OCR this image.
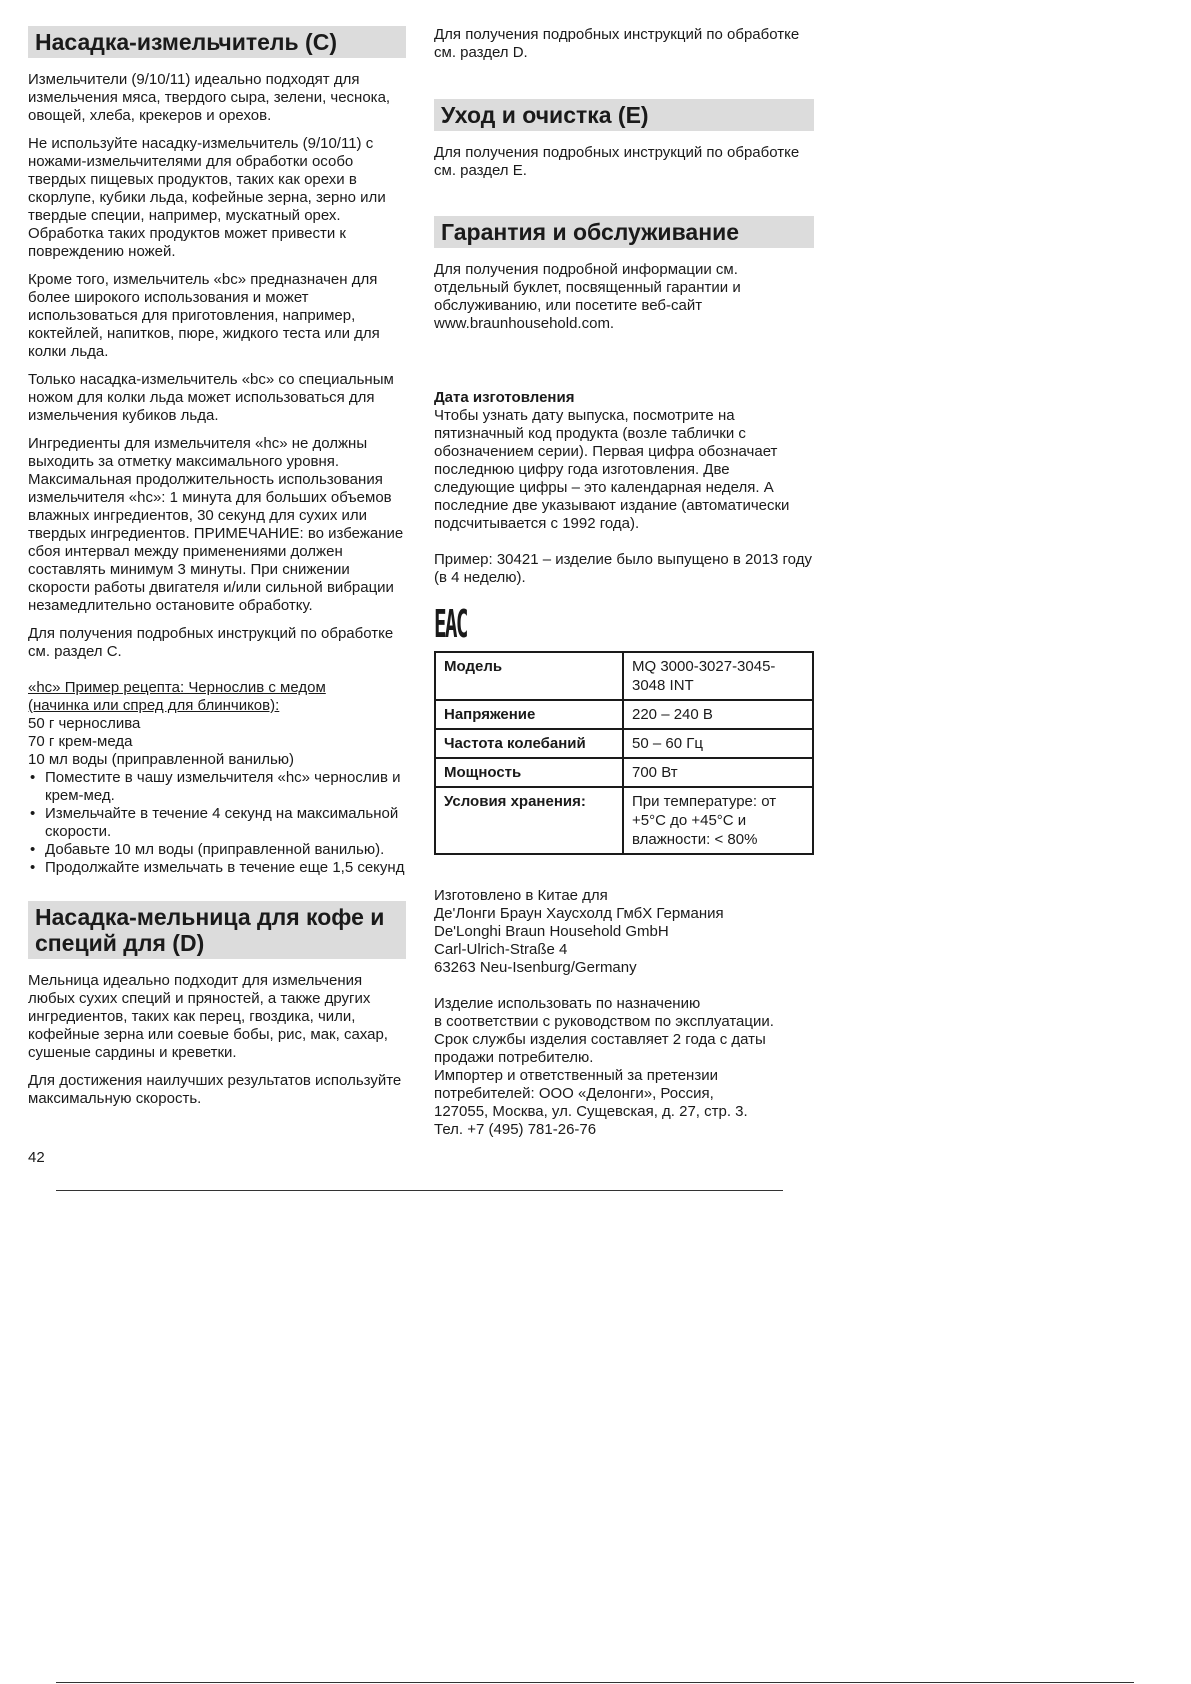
Насадка-измельчитель (С)

Измельчители (9/10/11) идеально подходят для измельчения мяса, твердого сыра, зелени, чеснока, овощей, хлеба, крекеров и орехов.

Не используйте насадку-измельчитель (9/10/11) с ножами-измельчителями для обработки особо твердых пищевых продуктов, таких как орехи в скорлупе, кубики льда, кофейные зерна, зерно или твердые специи, например, мускатный орех. Обработка таких продуктов может привести к повреждению ножей.

Кроме того, измельчитель «bc» предназначен для более широкого использования и может использоваться для приготовления, например, коктейлей, напитков, пюре, жидкого теста или для колки льда.

Только насадка-измельчитель «bc» со специальным ножом для колки льда может использоваться для измельчения кубиков льда.

Ингредиенты для измельчителя «hc» не должны выходить за отметку максимального уровня. Максимальная продолжительность использования измельчителя «hc»: 1 минута для больших объемов влажных ингредиентов, 30 секунд для сухих или твердых ингредиентов. ПРИМЕЧАНИЕ: во избежание сбоя интервал между применениями должен составлять минимум 3 минуты. При снижении скорости работы двигателя и/или сильной вибрации незамедлительно остановите обработку.

Для получения подробных инструкций по обработке см. раздел С.

«hc» Пример рецепта: Чернослив с медом
(начинка или спред для блинчиков):
50 г чернослива
70 г крем-меда
10 мл воды (приправленной ванилью)
• Поместите в чашу измельчителя «hc» чернослив и крем-мед.
• Измельчайте в течение 4 секунд на максимальной скорости.
• Добавьте 10 мл воды (приправленной ванилью).
• Продолжайте измельчать в течение еще 1,5 секунд
Насадка-мельница для кофе и специй для (D)

Мельница идеально подходит для измельчения любых сухих специй и пряностей, а также других ингредиентов, таких как перец, гвоздика, чили, кофейные зерна или соевые бобы, рис, мак, сахар, сушеные сардины и креветки.

Для достижения наилучших результатов используйте максимальную скорость.

42

Для получения подробных инструкций по обработке см. раздел D.

Уход и очистка (Е)

Для получения подробных инструкций по обработке см. раздел Е.

Гарантия и обслуживание

Для получения подробной информации см. отдельный буклет, посвященный гарантии и обслуживанию, или посетите веб-сайт www.braunhousehold.com.

Дата изготовления

Чтобы узнать дату выпуска, посмотрите на пятизначный код продукта (возле таблички с обозначением серии). Первая цифра обозначает последнюю цифру года изготовления. Две следующие цифры – это календарная неделя. А последние две указывают издание (автоматически подсчитывается с 1992 года).

Пример: 30421 – изделие было выпущено в 2013 году (в 4 неделю).

ЕАС
Модель	MQ 3000-3027-3045-3048 INT
Напряжение	220 – 240 В
Частота колебаний	50 – 60 Гц
Мощность	700 Вт
Условия хранения:	При температуре: от +5°С до +45°С и влажности: < 80%
Изготовлено в Китае для
Де'Лонги Браун Хаусхолд ГмбХ Германия
De'Longhi Braun Household GmbH
Carl-Ulrich-Straße 4
63263 Neu-Isenburg/Germany
Изделие использовать по назначению
в соответствии с руководством по эксплуатации.
Срок службы изделия составляет 2 года с даты продажи потребителю.
Импортер и ответственный за претензии потребителей: ООО «Делонги», Россия,
127055, Москва, ул. Сущевская, д. 27, стр. 3.
Тел. +7 (495) 781-26-76
